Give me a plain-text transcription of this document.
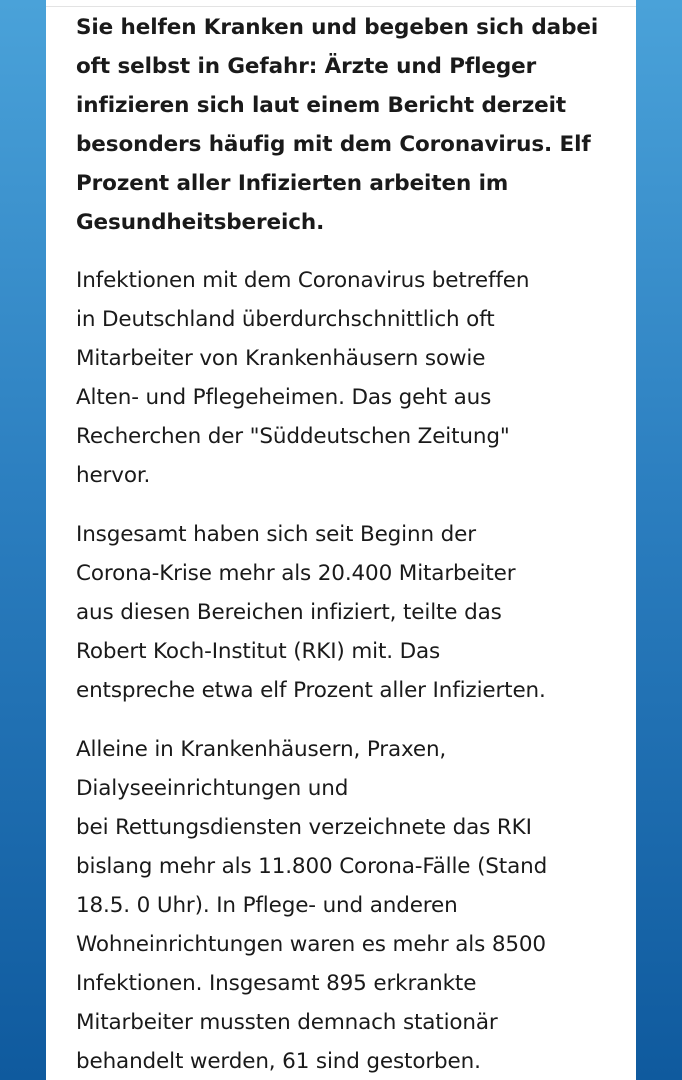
Sie helfen Kranken und begeben sich dabei
oft selbst in Gefahr: Ärzte und Pfleger
infizieren sich laut einem Bericht derzeit
besonders häufig mit dem Coronavirus. Elf
Prozent aller Infizierten arbeiten im
Gesundheitsbereich.

Infektionen mit dem Coronavirus betreffen
in Deutschland überdurchschnittlich oft
Mitarbeiter von Krankenhäusern sowie
Alten- und Pflegeheimen. Das geht aus
Recherchen der "Süddeutschen Zeitung"
hervor.

Insgesamt haben sich seit Beginn der
Corona-Krise mehr als 20.400 Mitarbeiter
aus diesen Bereichen infiziert, teilte das
Robert Koch-Institut (RKI) mit. Das
entspreche etwa elf Prozent aller Infizierten.

Alleine in Krankenhäusern, Praxen,
Dialyseeinrichtungen und
bei Rettungsdiensten verzeichnete das RKI
bislang mehr als 11.800 Corona-Fälle (Stand
18.5. 0 Uhr). In Pflege- und anderen
Wohneinrichtungen waren es mehr als 8500
Infektionen. Insgesamt 895 erkrankte
Mitarbeiter mussten demnach stationär
behandelt werden, 61 sind gestorben.
